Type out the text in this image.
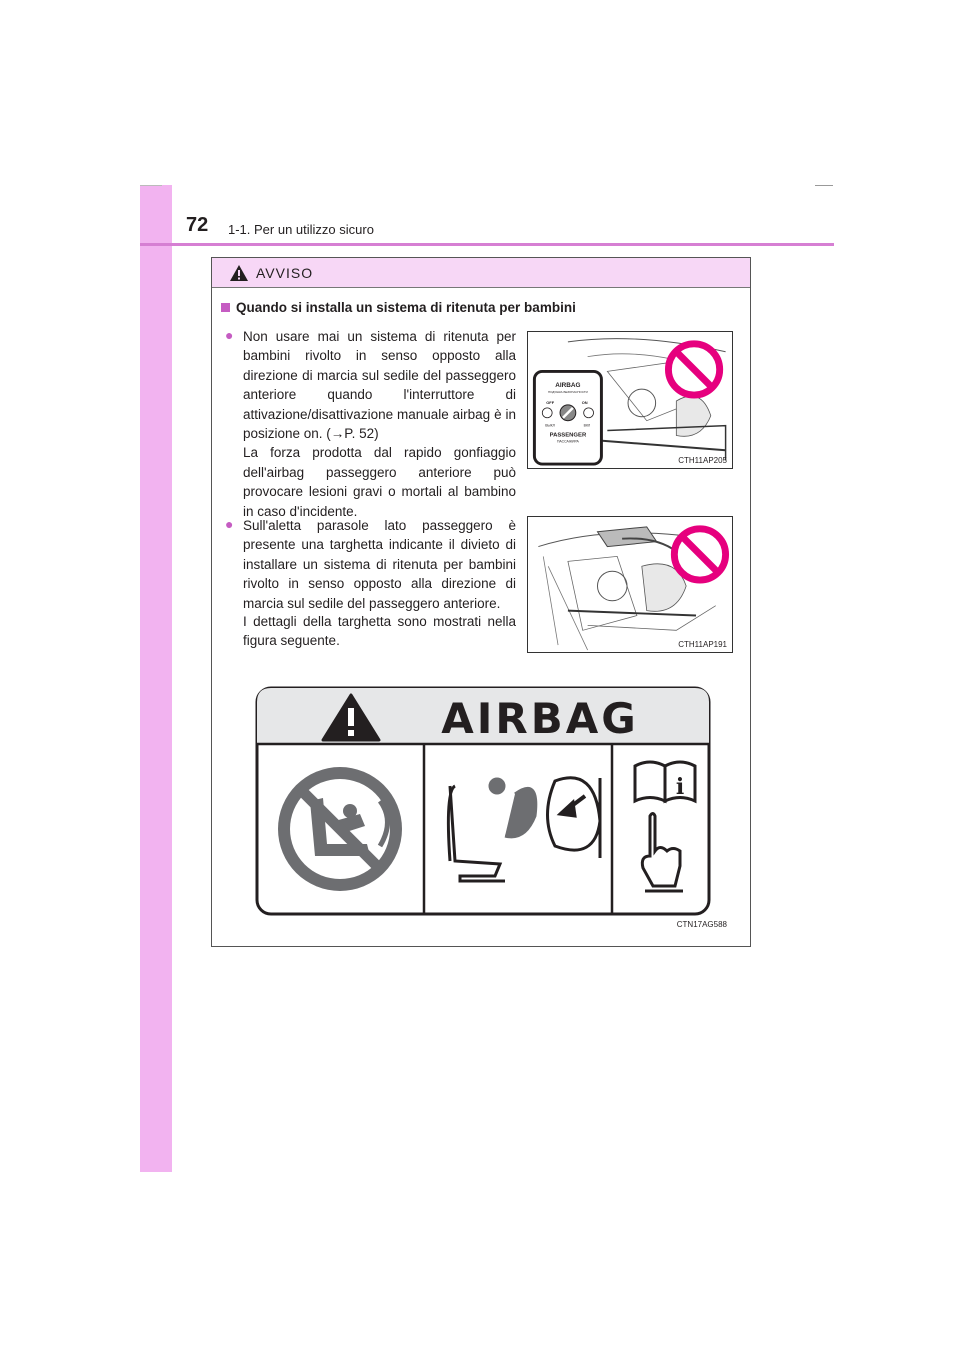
72 1-1. Per un utilizzo sicuro
AVVISO
Quando si installa un sistema di ritenuta per bambini
● Non usare mai un sistema di ritenuta per bambini rivolto in senso opposto alla direzione di marcia sul sedile del passeggero anteriore quando l'interruttore di attivazione/disattivazione manuale airbag è in posizione on. (→P. 52)
La forza prodotta dal rapido gonfiaggio dell'airbag passeggero anteriore può provocare lesioni gravi o mortali al bambino in caso d'incidente.
AIRBAG
ПОДУШКА БЕЗОПАСНОСТИ
OFF	ON
ВЫКЛ	ВКЛ
PASSENGER
ПАССАЖИРА
CTH11AP205
● Sull'aletta parasole lato passeggero è presente una targhetta indicante il divieto di installare un sistema di ritenuta per bambini rivolto in senso opposto alla direzione di marcia sul sedile del passeggero anteriore.
I dettagli della targhetta sono mostrati nella figura seguente.	CTH11AP191
AIRBAG
i
CTN17AG588
